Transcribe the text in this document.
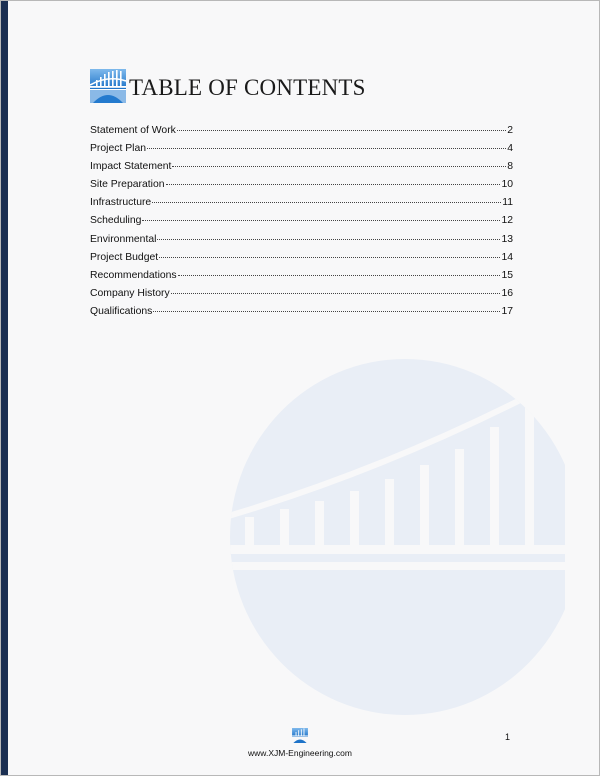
TABLE OF CONTENTS
Statement of Work	2
Project Plan	4
Impact Statement	8
Site Preparation	10
Infrastructure	11
Scheduling	12
Environmental	13
Project Budget	14
Recommendations	15
Company History	16
Qualifications	17
www.XJM-Engineering.com
1
